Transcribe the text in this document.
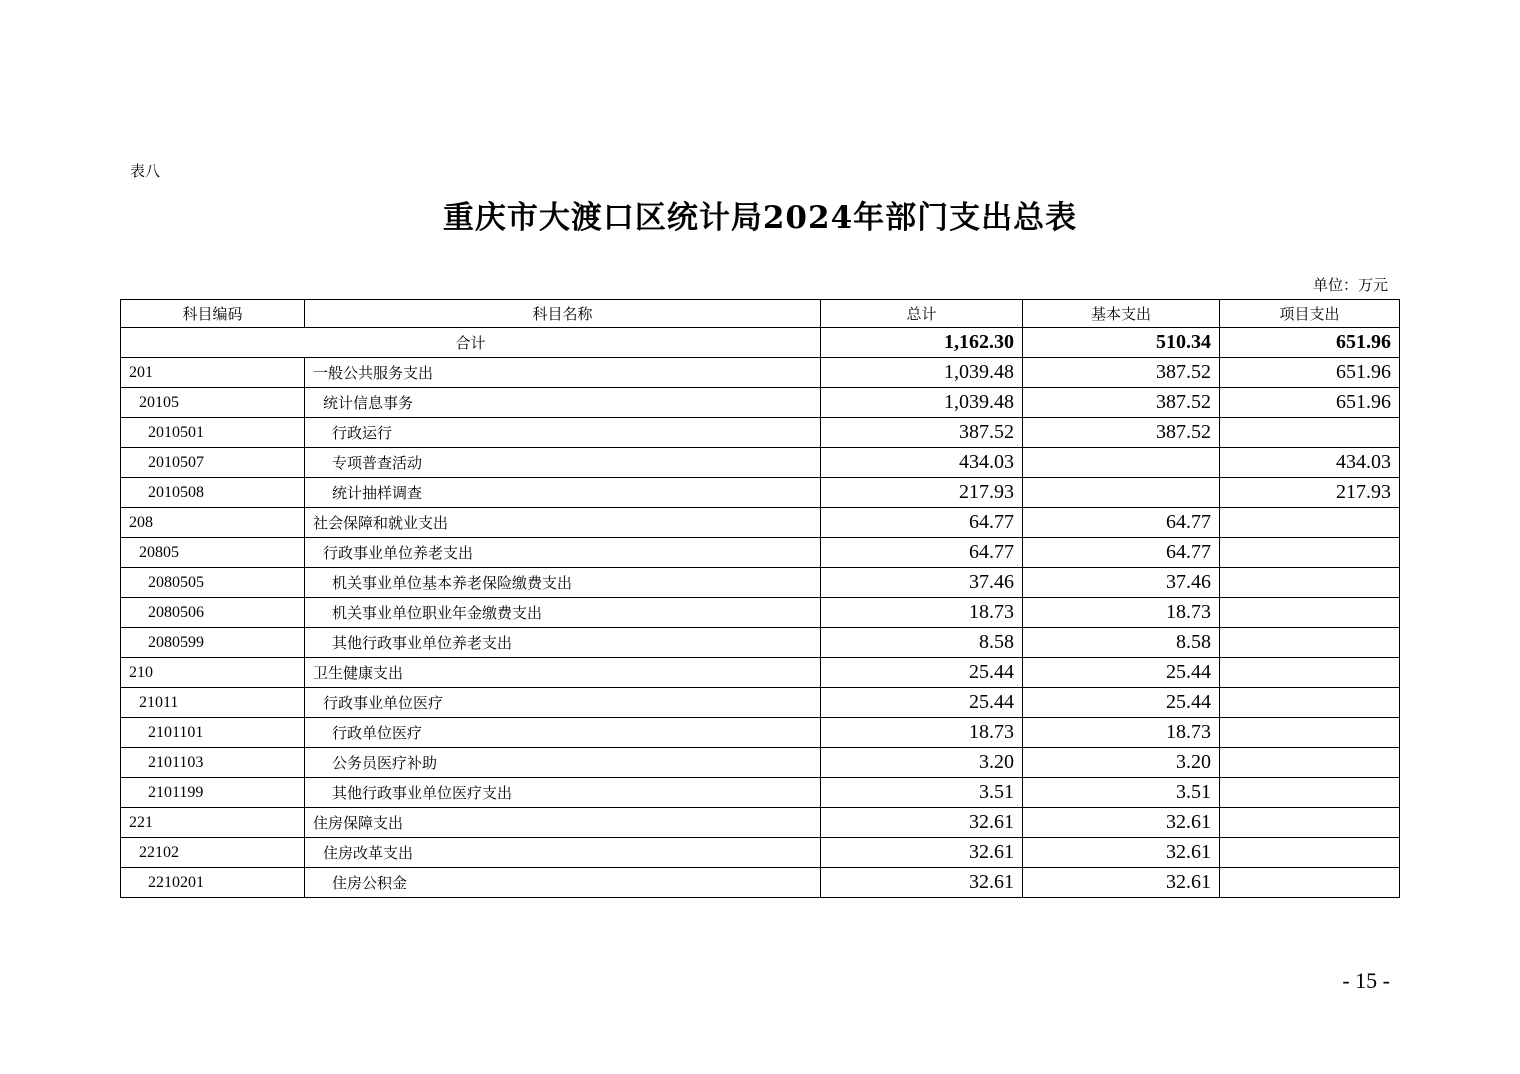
表八
重庆市大渡口区统计局2024年部门支出总表
单位：万元
科目编码	科目名称	总计	基本支出	项目支出
合计		1,162.30	510.34	651.96
201	一般公共服务支出	1,039.48	387.52	651.96
20105	统计信息事务	1,039.48	387.52	651.96
2010501	行政运行	387.52	387.52	
2010507	专项普查活动	434.03		434.03
2010508	统计抽样调查	217.93		217.93
208	社会保障和就业支出	64.77	64.77	
20805	行政事业单位养老支出	64.77	64.77	
2080505	机关事业单位基本养老保险缴费支出	37.46	37.46	
2080506	机关事业单位职业年金缴费支出	18.73	18.73	
2080599	其他行政事业单位养老支出	8.58	8.58	
210	卫生健康支出	25.44	25.44	
21011	行政事业单位医疗	25.44	25.44	
2101101	行政单位医疗	18.73	18.73	
2101103	公务员医疗补助	3.20	3.20	
2101199	其他行政事业单位医疗支出	3.51	3.51	
221	住房保障支出	32.61	32.61	
22102	住房改革支出	32.61	32.61	
2210201	住房公积金	32.61	32.61	
- 15 -
